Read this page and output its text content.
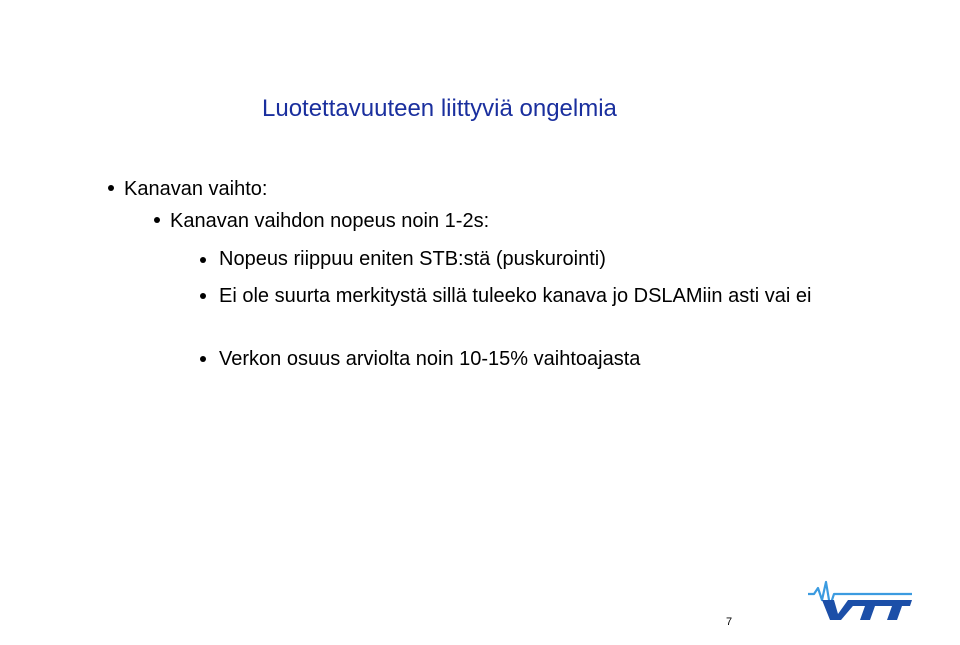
Luotettavuuteen liittyviä ongelmia
Kanavan vaihto:
Kanavan vaihdon nopeus noin 1-2s:
Nopeus riippuu eniten STB:stä (puskurointi)
Ei ole suurta merkitystä sillä tuleeko kanava jo DSLAMiin asti vai ei
Verkon osuus arviolta noin 10-15% vaihtoajasta
7
